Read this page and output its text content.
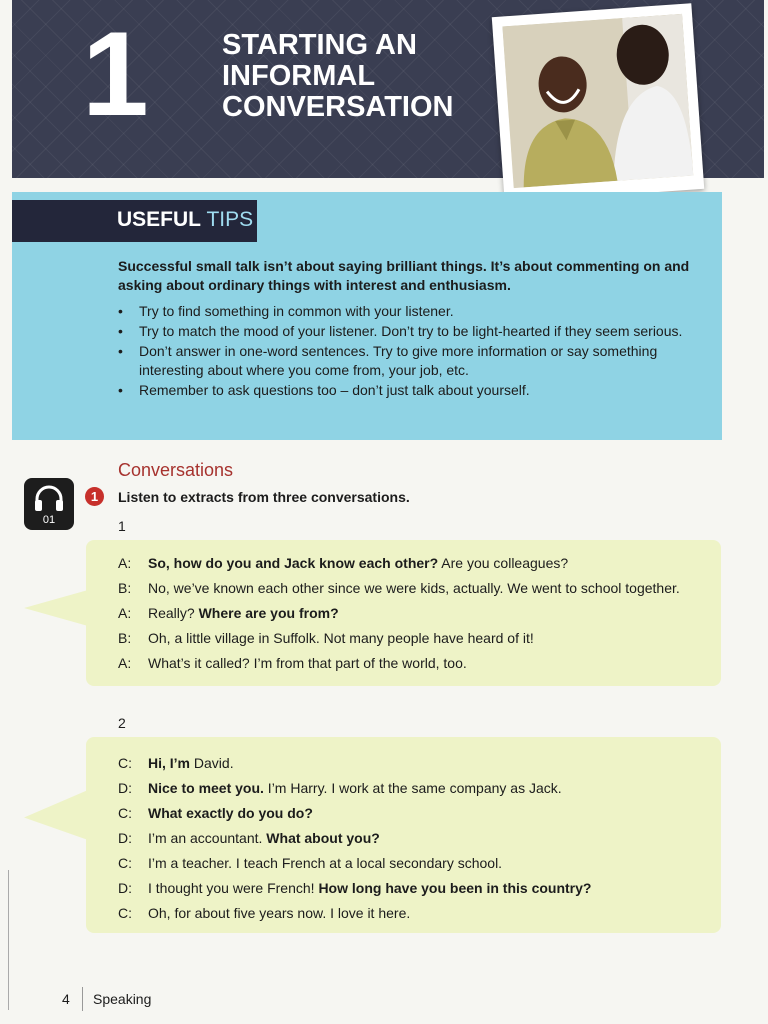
1	STARTING AN
INFORMAL
CONVERSATION
USEFUL TIPS
Successful small talk isn’t about saying brilliant things. It’s about commenting on and asking about ordinary things with interest and enthusiasm.
• Try to find something in common with your listener.
• Try to match the mood of your listener. Don’t try to be light-hearted if they seem serious.
• Don’t answer in one-word sentences. Try to give more information or say something interesting about where you come from, your job, etc.
• Remember to ask questions too – don’t just talk about yourself.
Conversations
01
1	Listen to extracts from three conversations.
1
A: So, how do you and Jack know each other? Are you colleagues?
B: No, we’ve known each other since we were kids, actually. We went to school together.
A: Really? Where are you from?
B: Oh, a little village in Suffolk. Not many people have heard of it!
A: What’s it called? I’m from that part of the world, too.
2
C: Hi, I’m David.
D: Nice to meet you. I’m Harry. I work at the same company as Jack.
C: What exactly do you do?
D: I’m an accountant. What about you?
C: I’m a teacher. I teach French at a local secondary school.
D: I thought you were French! How long have you been in this country?
C: Oh, for about five years now. I love it here.
4 Speaking
